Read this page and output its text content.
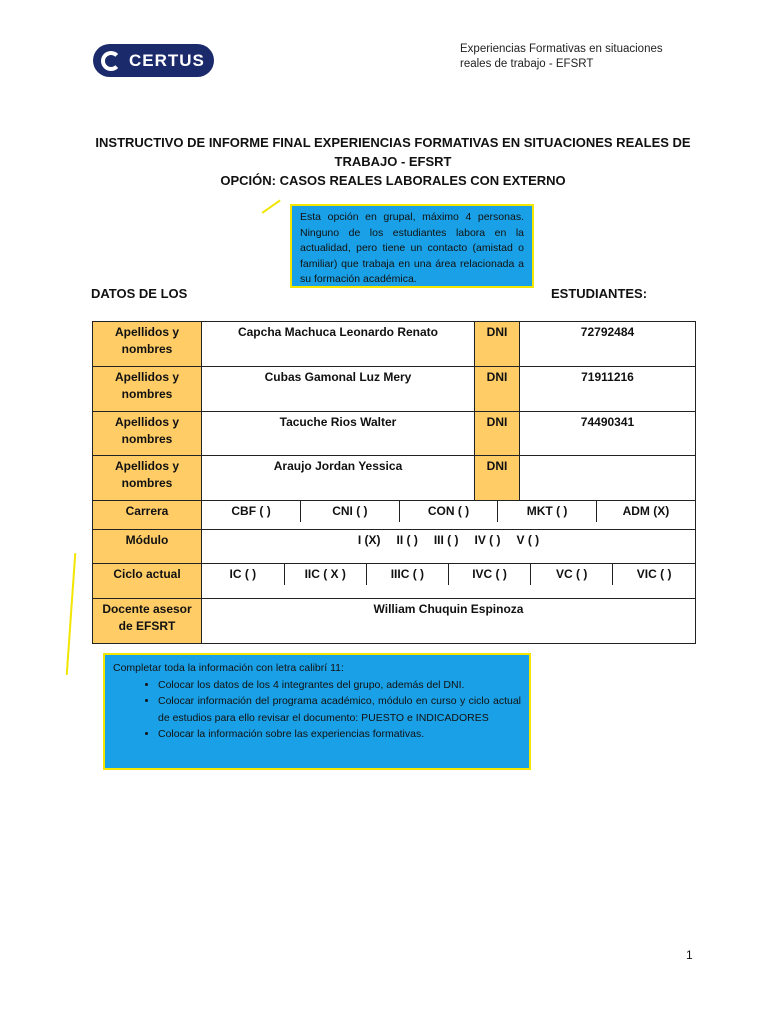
CERTUS
Experiencias Formativas en situaciones
reales de trabajo - EFSRT
INSTRUCTIVO DE INFORME FINAL EXPERIENCIAS FORMATIVAS EN SITUACIONES REALES DE
TRABAJO - EFSRT
OPCIÓN: CASOS REALES LABORALES CON EXTERNO
Esta opción en grupal, máximo 4 personas. Ninguno de los estudiantes labora en la actualidad, pero tiene un contacto (amistad o familiar) que trabaja en una área relacionada a su formación académica.
DATOS DE LOS	ESTUDIANTES:
Apellidos y nombres	Capcha Machuca Leonardo Renato	DNI	72792484
Apellidos y nombres	Cubas Gamonal Luz Mery	DNI	71911216
Apellidos y nombres	Tacuche Rios Walter	DNI	74490341
Apellidos y nombres	Araujo Jordan Yessica	DNI	
Carrera		CBF ( )	CNI ( )	CON ( )	MKT ( )	ADM (X)

Módulo	I (X) II ( ) III ( ) IV ( ) V ( )
Ciclo actual		IC ( )	IIC ( X )	IIIC ( )	IVC ( )	VC ( )	VIC ( )

Docente asesor de EFSRT	William Chuquin Espinoza
Completar toda la información con letra calibrí 11:
• Colocar los datos de los 4 integrantes del grupo, además del DNI.
• Colocar información del programa académico, módulo en curso y ciclo actual de estudios para ello revisar el documento: PUESTO e INDICADORES
• Colocar la información sobre las experiencias formativas.
1
